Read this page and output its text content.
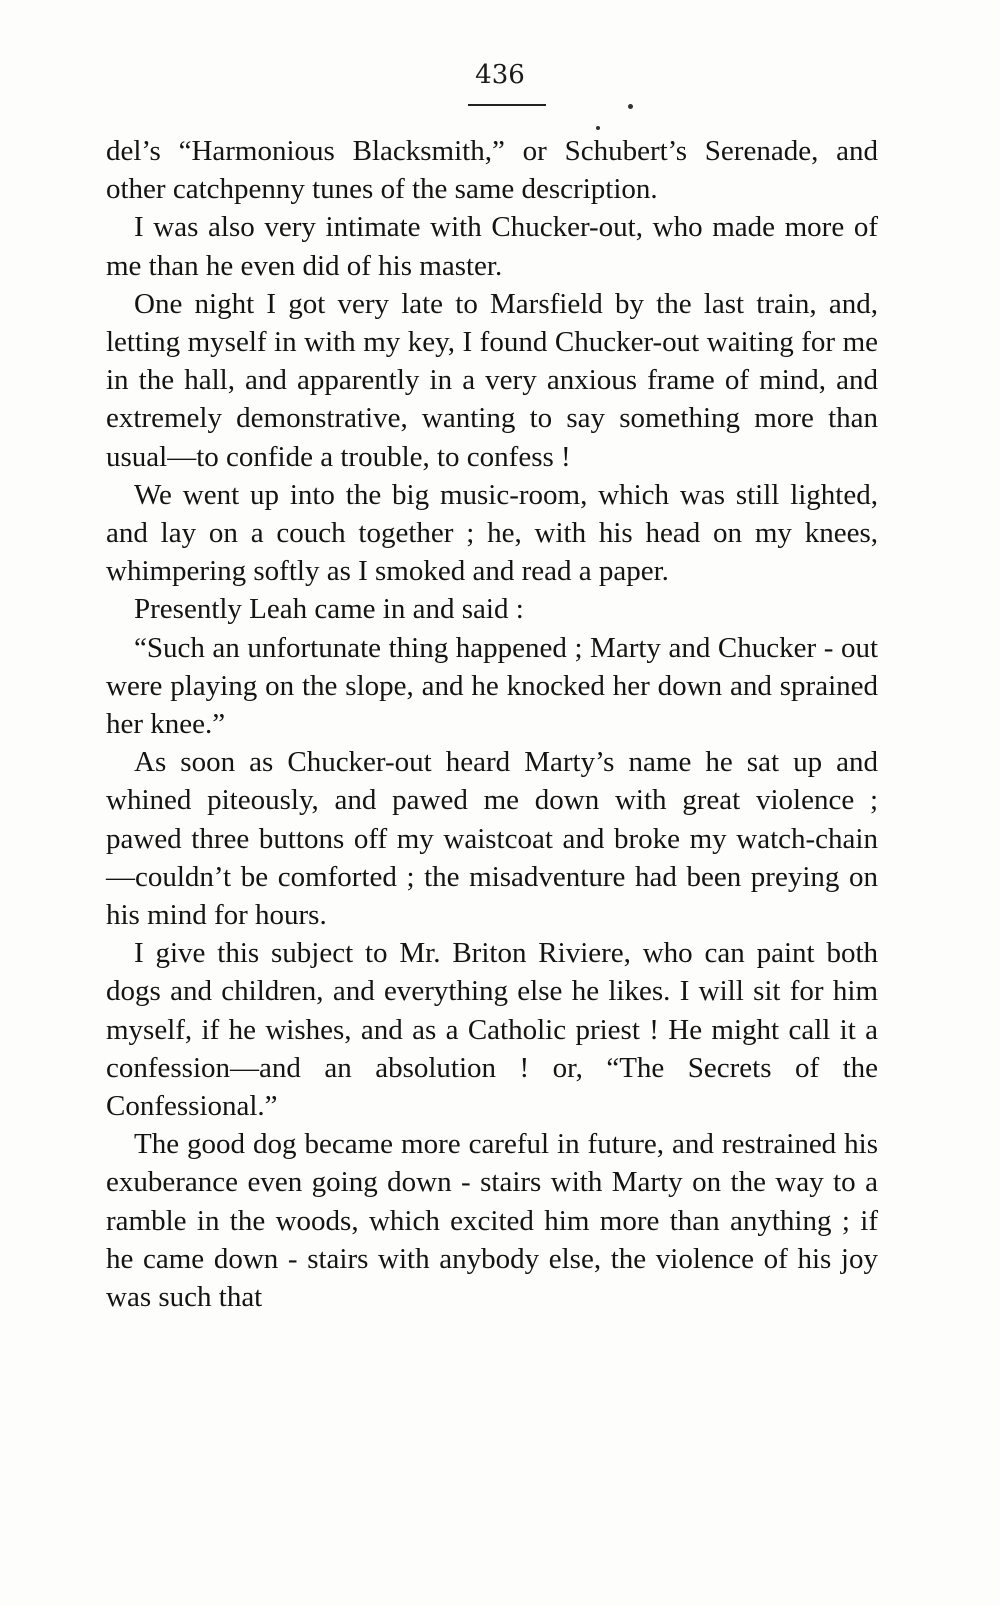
436

del’s “Harmonious Blacksmith,” or Schubert’s Serenade, and other catchpenny tunes of the same description.

I was also very intimate with Chucker-out, who made more of me than he even did of his master.

One night I got very late to Marsfield by the last train, and, letting myself in with my key, I found Chucker-out waiting for me in the hall, and apparently in a very anxious frame of mind, and extremely demonstrative, wanting to say something more than usual—to confide a trouble, to confess !

We went up into the big music-room, which was still lighted, and lay on a couch together ; he, with his head on my knees, whimpering softly as I smoked and read a paper.

Presently Leah came in and said :

“Such an unfortunate thing happened ; Marty and Chucker - out were playing on the slope, and he knocked her down and sprained her knee.”

As soon as Chucker-out heard Marty’s name he sat up and whined piteously, and pawed me down with great violence ; pawed three buttons off my waistcoat and broke my watch-chain—couldn’t be comforted ; the misadventure had been preying on his mind for hours.

I give this subject to Mr. Briton Riviere, who can paint both dogs and children, and everything else he likes. I will sit for him myself, if he wishes, and as a Catholic priest ! He might call it a confession—and an absolution ! or, “The Secrets of the Confessional.”

The good dog became more careful in future, and restrained his exuberance even going down - stairs with Marty on the way to a ramble in the woods, which excited him more than anything ; if he came down - stairs with anybody else, the violence of his joy was such that
